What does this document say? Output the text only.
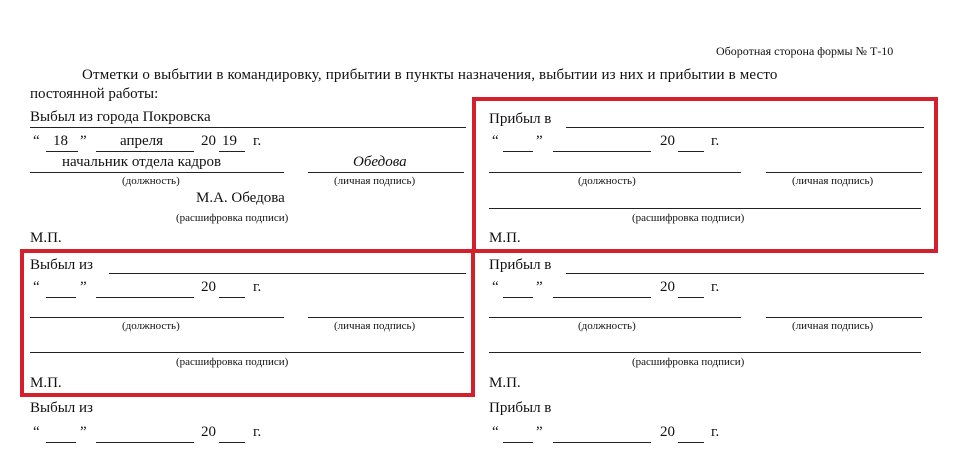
Оборотная сторона формы № Т-10
Отметки о выбытии в командировку, прибытии в пункты назначения, выбытии из них и прибытии в место
постоянной работы:
Выбыл из города Покровска
“ 18 ” апреля	20 19 г.
начальник отдела кадров	Обедова
(должность)	(личная подпись)
М.А. Обедова
(расшифровка подписи)
М.П.
Прибыл в
“ ”	20 г.
(должность)	(личная подпись)
(расшифровка подписи)
М.П.
Выбыл из
“	”	20 г.
(должность)	(личная подпись)
(расшифровка подписи)
М.П.
Прибыл в
“ ”	20 г.
(должность)	(личная подпись)
(расшифровка подписи)
М.П.
Выбыл из
“	”	20 г.
Прибыл в
“ ”	20 г.
